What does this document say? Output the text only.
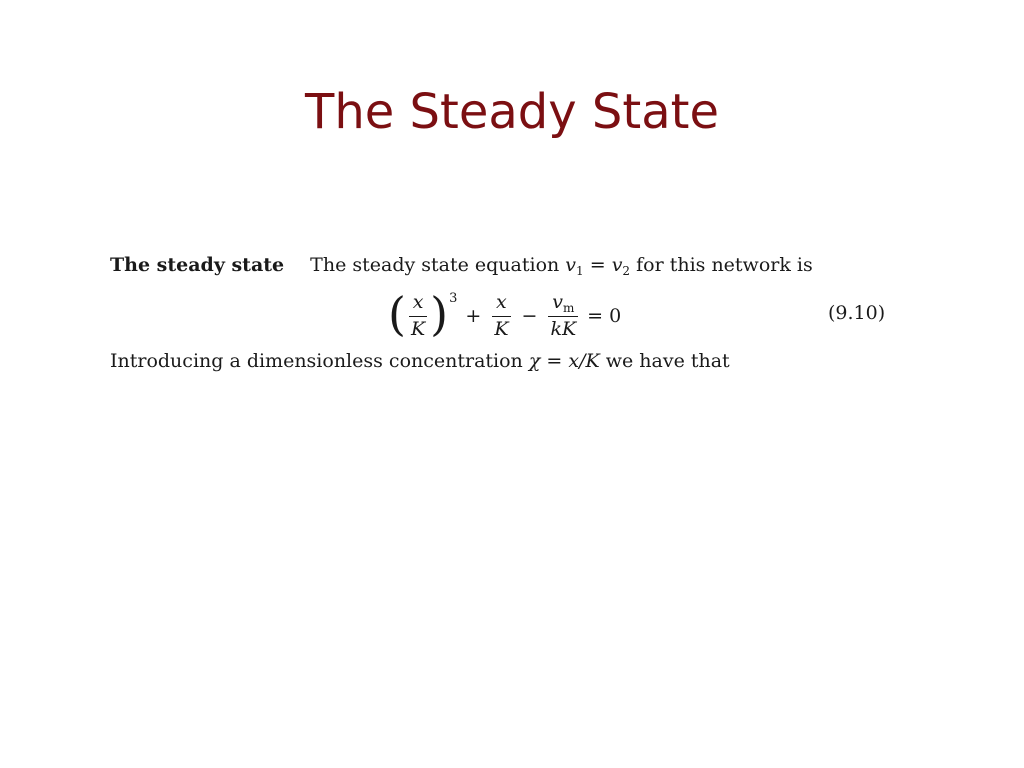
The Steady State
The steady state The steady state equation $v_1 = v_2$ for this network is
( $\frac{x}{K}$ ) 3
+ $\frac{x}{K} - \frac{v_m}{kK} = 0$	(9.10)
Introducing a dimensionless concentration χ = x/K we have that
